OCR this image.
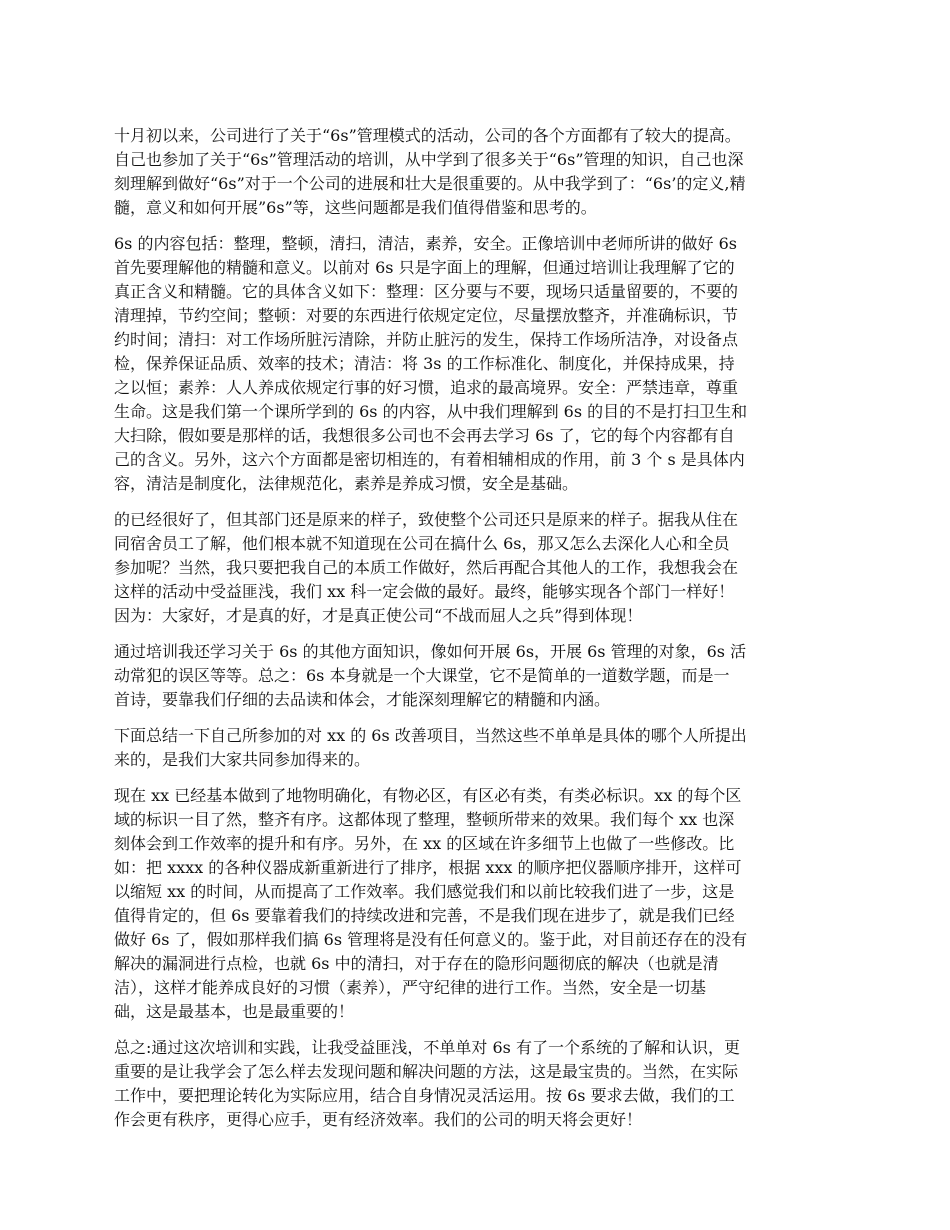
十月初以来，公司进行了关于“6s”管理模式的活动，公司的各个方面都有了较大的提高。
自己也参加了关于“6s”管理活动的培训，从中学到了很多关于“6s”管理的知识，自己也深
刻理解到做好“6s”对于一个公司的进展和壮大是很重要的。从中我学到了：“6s’的定义,精
髓，意义和如何开展”6s”等，这些问题都是我们值得借鉴和思考的。

6s 的内容包括：整理，整顿，清扫，清洁，素养，安全。正像培训中老师所讲的做好 6s
首先要理解他的精髓和意义。以前对 6s 只是字面上的理解，但通过培训让我理解了它的
真正含义和精髓。它的具体含义如下：整理：区分要与不要，现场只适量留要的，不要的
清理掉，节约空间；整顿：对要的东西进行依规定定位，尽量摆放整齐，并准确标识，节
约时间；清扫：对工作场所脏污清除，并防止脏污的发生，保持工作场所洁净，对设备点
检，保养保证品质、效率的技术；清洁：将 3s 的工作标准化、制度化，并保持成果，持
之以恒；素养：人人养成依规定行事的好习惯，追求的最高境界。安全：严禁违章，尊重
生命。这是我们第一个课所学到的 6s 的内容，从中我们理解到 6s 的目的不是打扫卫生和
大扫除，假如要是那样的话，我想很多公司也不会再去学习 6s 了，它的每个内容都有自
己的含义。另外，这六个方面都是密切相连的，有着相辅相成的作用，前 3 个 s 是具体内
容，清洁是制度化，法律规范化，素养是养成习惯，安全是基础。

的已经很好了，但其部门还是原来的样子，致使整个公司还只是原来的样子。据我从住在
同宿舍员工了解，他们根本就不知道现在公司在搞什么 6s，那又怎么去深化人心和全员
参加呢？当然，我只要把我自己的本质工作做好，然后再配合其他人的工作，我想我会在
这样的活动中受益匪浅，我们 xx 科一定会做的最好。最终，能够实现各个部门一样好！
因为：大家好，才是真的好，才是真正使公司“不战而屈人之兵”得到体现！

通过培训我还学习关于 6s 的其他方面知识，像如何开展 6s，开展 6s 管理的对象，6s 活
动常犯的误区等等。总之：6s 本身就是一个大课堂，它不是简单的一道数学题，而是一
首诗，要靠我们仔细的去品读和体会，才能深刻理解它的精髓和内涵。

下面总结一下自己所参加的对 xx 的 6s 改善项目，当然这些不单单是具体的哪个人所提出
来的，是我们大家共同参加得来的。

现在 xx 已经基本做到了地物明确化，有物必区，有区必有类，有类必标识。xx 的每个区
域的标识一目了然，整齐有序。这都体现了整理，整顿所带来的效果。我们每个 xx 也深
刻体会到工作效率的提升和有序。另外，在 xx 的区域在许多细节上也做了一些修改。比
如：把 xxxx 的各种仪器成新重新进行了排序，根据 xxx 的顺序把仪器顺序排开，这样可
以缩短 xx 的时间，从而提高了工作效率。我们感觉我们和以前比较我们进了一步，这是
值得肯定的，但 6s 要靠着我们的持续改进和完善，不是我们现在进步了，就是我们已经
做好 6s 了，假如那样我们搞 6s 管理将是没有任何意义的。鉴于此，对目前还存在的没有
解决的漏洞进行点检，也就 6s 中的清扫，对于存在的隐形问题彻底的解决（也就是清
洁），这样才能养成良好的习惯（素养），严守纪律的进行工作。当然，安全是一切基
础，这是最基本，也是最重要的！

总之:通过这次培训和实践，让我受益匪浅，不单单对 6s 有了一个系统的了解和认识，更
重要的是让我学会了怎么样去发现问题和解决问题的方法，这是最宝贵的。当然，在实际
工作中，要把理论转化为实际应用，结合自身情况灵活运用。按 6s 要求去做，我们的工
作会更有秩序，更得心应手，更有经济效率。我们的公司的明天将会更好！
